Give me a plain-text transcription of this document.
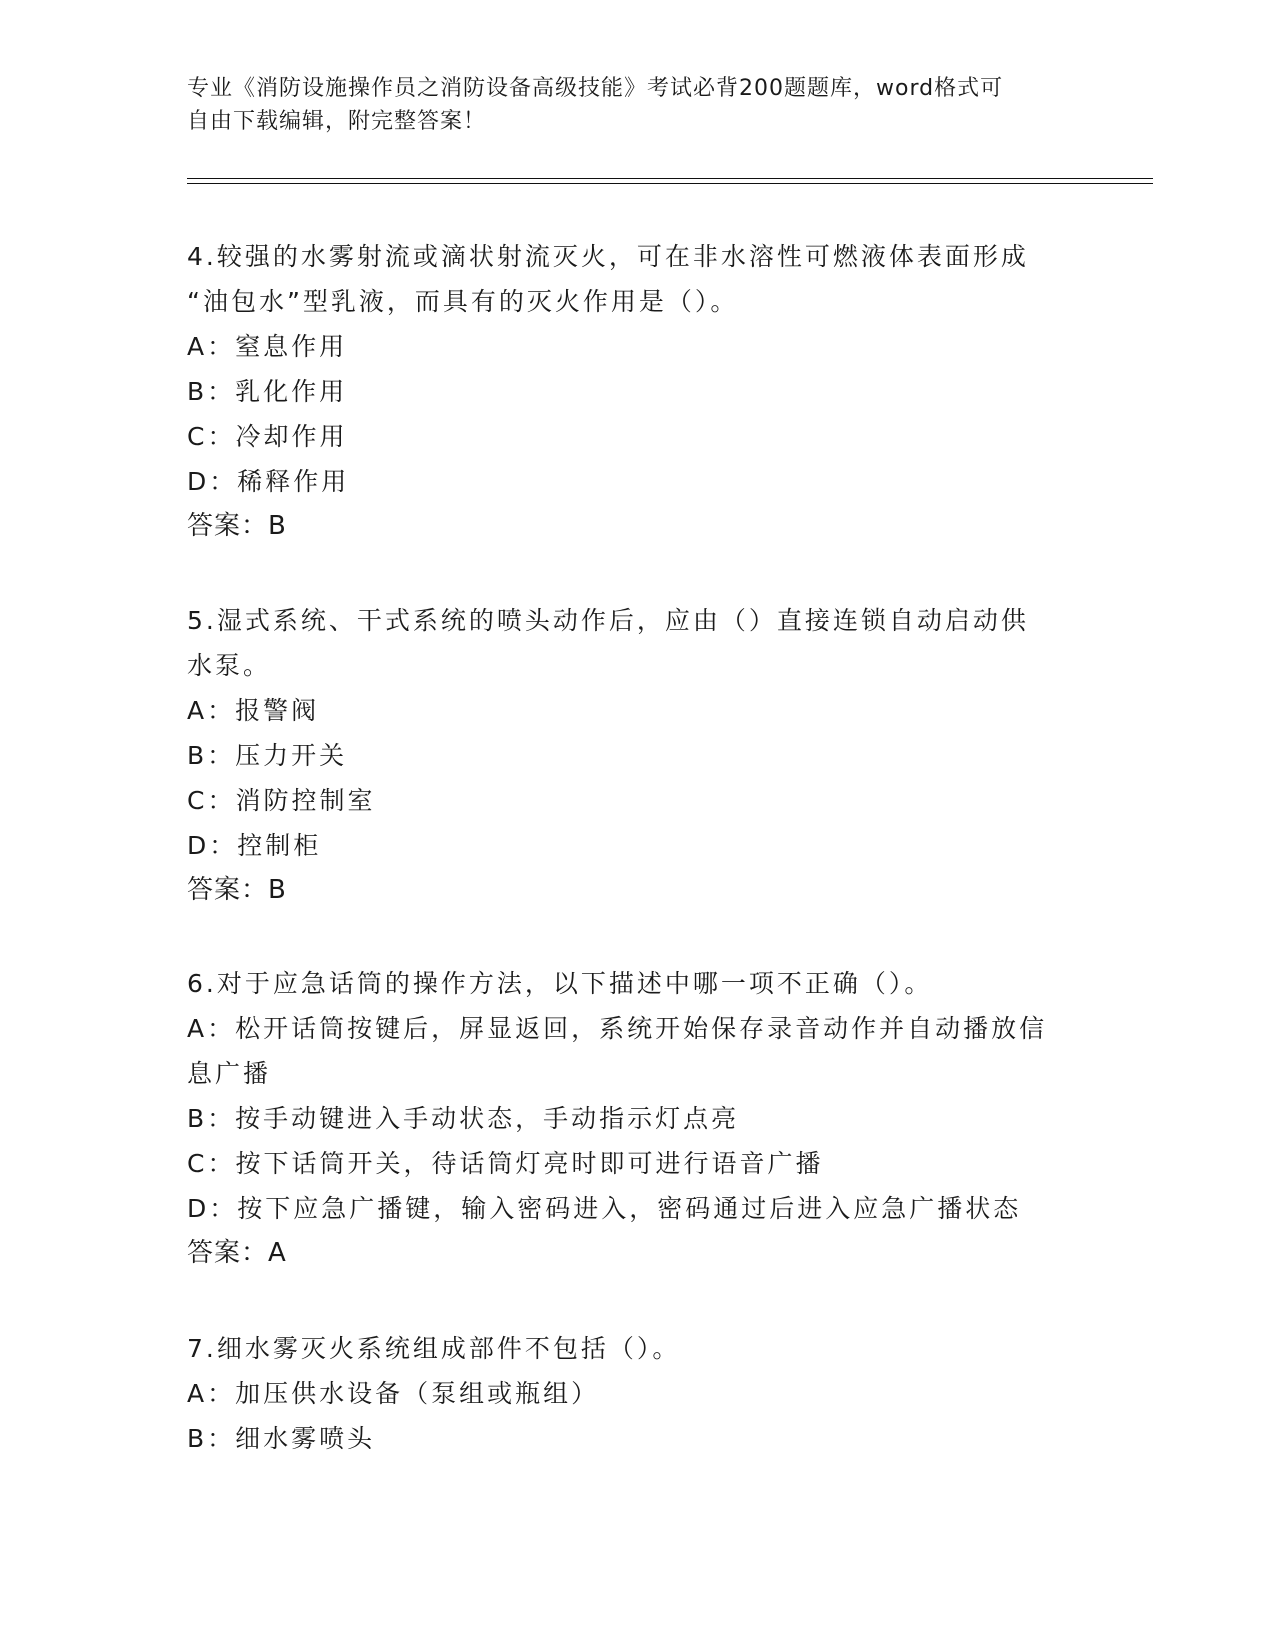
专业《消防设施操作员之消防设备高级技能》考试必背200题题库，word格式可
自由下载编辑，附完整答案！
4.较强的水雾射流或滴状射流灭火，可在非水溶性可燃液体表面形成
“油包水”型乳液，而具有的灭火作用是（）。
A：窒息作用
B：乳化作用
C：冷却作用
D：稀释作用
答案：B
5.湿式系统、干式系统的喷头动作后，应由（）直接连锁自动启动供
水泵。
A：报警阀
B：压力开关
C：消防控制室
D：控制柜
答案：B
6.对于应急话筒的操作方法，以下描述中哪一项不正确（）。
A：松开话筒按键后，屏显返回，系统开始保存录音动作并自动播放信
息广播
B：按手动键进入手动状态，手动指示灯点亮
C：按下话筒开关，待话筒灯亮时即可进行语音广播
D：按下应急广播键，输入密码进入，密码通过后进入应急广播状态
答案：A
7.细水雾灭火系统组成部件不包括（）。
A：加压供水设备（泵组或瓶组）
B：细水雾喷头
